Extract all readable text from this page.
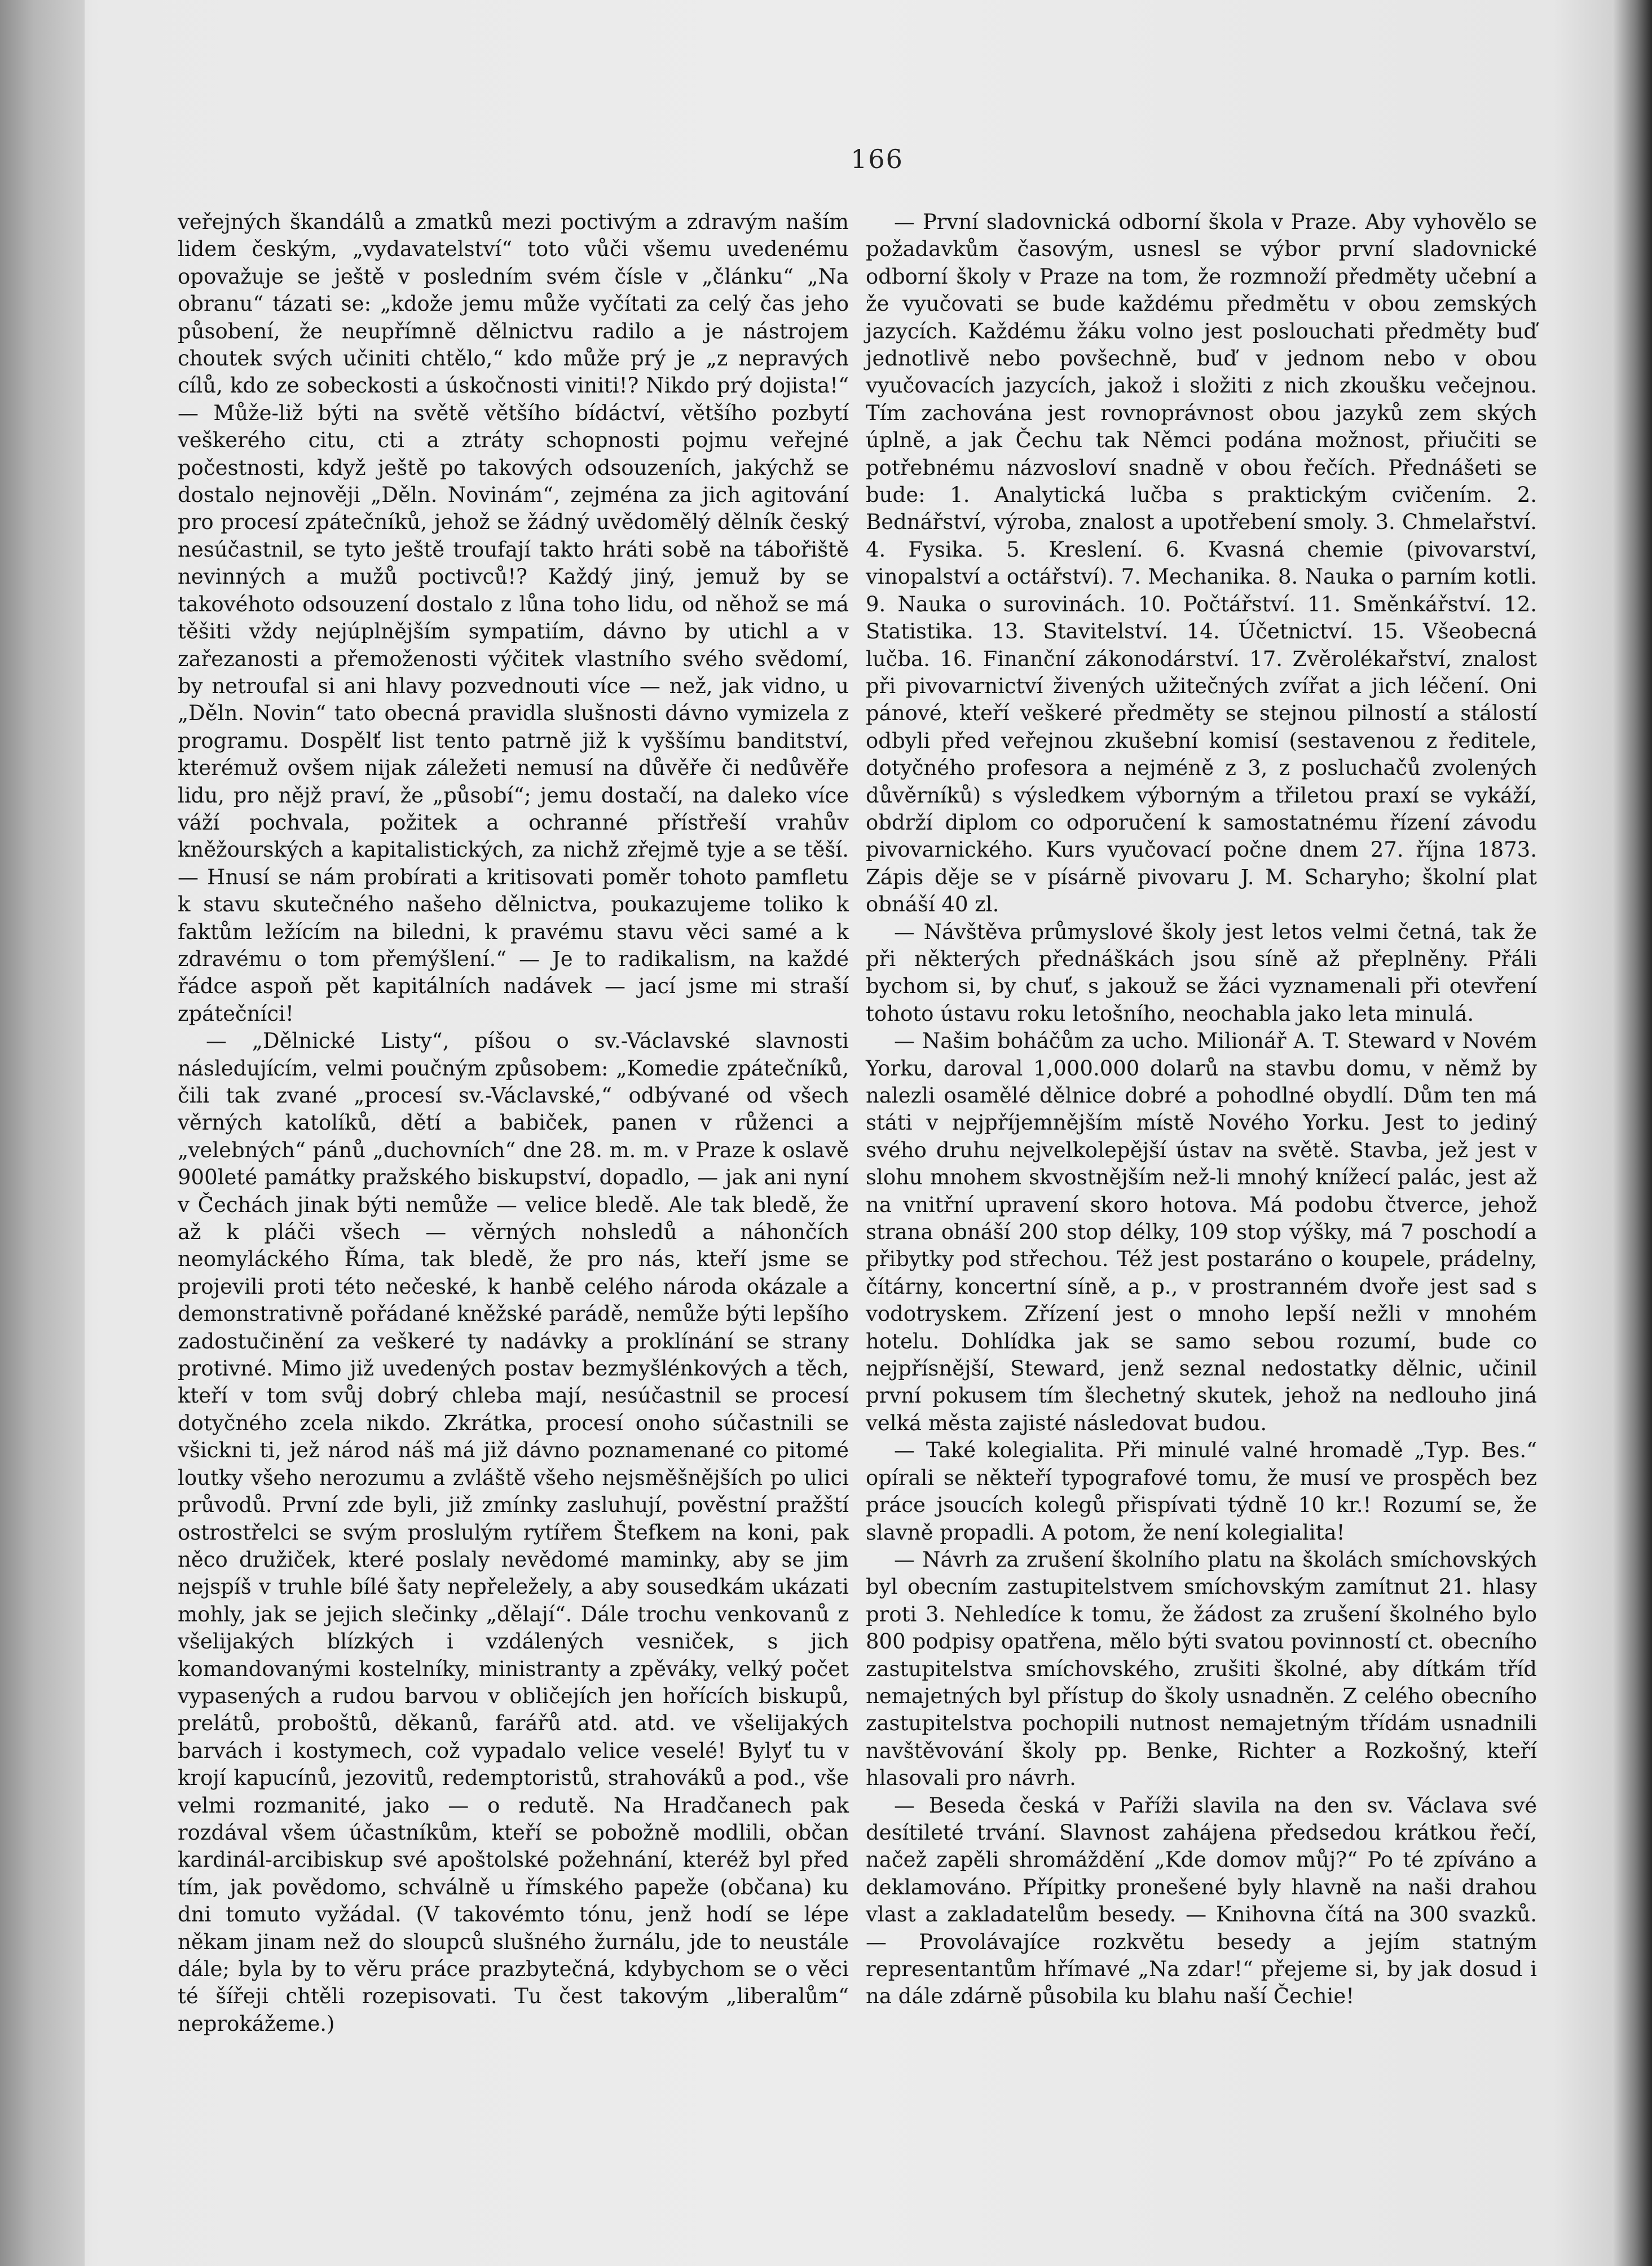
166

veřejných škandálů a zmatků mezi poctivým a zdravým naším lidem českým, „vydavatelství“ toto vůči všemu uvedenému opovažuje se ještě v posledním svém čísle v „článku“ „Na obranu“ tázati se: „kdože jemu může vyčítati za celý čas jeho působení, že neupřímně dělnictvu radilo a je nástrojem choutek svých učiniti chtělo,“ kdo může prý je „z nepravých cílů, kdo ze sobeckosti a úskočnosti viniti!? Nikdo prý dojista!“ — Může-liž býti na světě většího bídáctví, většího pozbytí veškerého citu, cti a ztráty schopnosti pojmu veřejné počestnosti, když ještě po takových odsouzeních, jakýchž se dostalo nejnověji „Děln. Novinám“, zejména za jich agitování pro procesí zpátečníků, jehož se žádný uvědomělý dělník český nesúčastnil, se tyto ještě troufají takto hráti sobě na tábořiště nevinných a mužů poctivců!? Každý jiný, jemuž by se takovéhoto odsouzení dostalo z lůna toho lidu, od něhož se má těšiti vždy nejúplnějším sympatiím, dávno by utichl a v zařezanosti a přemoženosti výčitek vlastního svého svědomí, by netroufal si ani hlavy pozvednouti více — než, jak vidno, u „Děln. Novin“ tato obecná pravidla slušnosti dávno vymizela z programu. Dospělť list tento patrně již k vyššímu banditství, kterémuž ovšem nijak záležeti nemusí na důvěře či nedůvěře lidu, pro nějž praví, že „působí“; jemu dostačí, na daleko více váží pochvala, požitek a ochranné přístřeší vrahův kněžourských a kapitalistických, za nichž zřejmě tyje a se těší. — Hnusí se nám probírati a kritisovati poměr tohoto pamfletu k stavu skutečného našeho dělnictva, poukazujeme toliko k faktům ležícím na biledni, k pravému stavu věci samé a k zdravému o tom přemýšlení.“ — Je to radikalism, na každé řádce aspoň pět kapitálních nadávek — jací jsme mi straší zpátečníci!

— „Dělnické Listy“, píšou o sv.-Václavské slavnosti následujícím, velmi poučným způsobem: „Komedie zpátečníků, čili tak zvané „procesí sv.-Václavské,“ odbývané od všech věrných katolíků, dětí a babiček, panen v růženci a „velebných“ pánů „duchovních“ dne 28. m. m. v Praze k oslavě 900leté památky pražského biskupství, dopadlo, — jak ani nyní v Čechách jinak býti nemůže — velice bledě. Ale tak bledě, že až k pláči všech — věrných nohsledů a náhončích neomyláckého Říma, tak bledě, že pro nás, kteří jsme se projevili proti této nečeské, k hanbě celého národa okázale a demonstrativně pořádané kněžské parádě, nemůže býti lepšího zadostučinění za veškeré ty nadávky a proklínání se strany protivné. Mimo již uvedených postav bezmyšlénkových a těch, kteří v tom svůj dobrý chleba mají, nesúčastnil se procesí dotyčného zcela nikdo. Zkrátka, procesí onoho súčastnili se všickni ti, jež národ náš má již dávno poznamenané co pitomé loutky všeho nerozumu a zvláště všeho nejsměšnějších po ulici průvodů. První zde byli, již zmínky zasluhují, pověstní pražští ostrostřelci se svým proslulým rytířem Štefkem na koni, pak něco družiček, které poslaly nevědomé maminky, aby se jim nejspíš v truhle bílé šaty nepřeležely, a aby sousedkám ukázati mohly, jak se jejich slečinky „dělají“. Dále trochu venkovanů z všelijakých blízkých i vzdálených vesniček, s jich komandovanými kostelníky, ministranty a zpěváky, velký počet vypasených a rudou barvou v obličejích jen hořících biskupů, prelátů, proboštů, děkanů, farářů atd. atd. ve všelijakých barvách i kostymech, což vypadalo velice veselé! Bylyť tu v krojí kapucínů, jezovitů, redemptoristů, strahováků a pod., vše velmi rozmanité, jako — o redutě. Na Hradčanech pak rozdával všem účastníkům, kteří se pobožně modlili, občan kardinál-arcibiskup své apoštolské požehnání, kteréž byl před tím, jak povědomo, schválně u římského papeže (občana) ku dni tomuto vyžádal. (V takovémto tónu, jenž hodí se lépe někam jinam než do sloupců slušného žurnálu, jde to neustále dále; byla by to věru práce prazbytečná, kdybychom se o věci té šířeji chtěli rozepisovati. Tu čest takovým „liberalům“ neprokážeme.)

— První sladovnická odborní škola v Praze. Aby vyhovělo se požadavkům časovým, usnesl se výbor první sladovnické odborní školy v Praze na tom, že rozmnoží předměty učební a že vyučovati se bude každému předmětu v obou zemských jazycích. Každému žáku volno jest poslouchati předměty buď jednotlivě nebo povšechně, buď v jednom nebo v obou vyučovacích jazycích, jakož i složiti z nich zkoušku večejnou. Tím zachována jest rovnoprávnost obou jazyků zem ských úplně, a jak Čechu tak Němci podána možnost, přiučiti se potřebnému názvosloví snadně v obou řečích. Přednášeti se bude: 1. Analytická lučba s praktickým cvičením. 2. Bednářství, výroba, znalost a upotřebení smoly. 3. Chmelařství. 4. Fysika. 5. Kreslení. 6. Kvasná chemie (pivovarství, vinopalství a octářství). 7. Mechanika. 8. Nauka o parním kotli. 9. Nauka o surovinách. 10. Počtářství. 11. Směnkářství. 12. Statistika. 13. Stavitelství. 14. Účetnictví. 15. Všeobecná lučba. 16. Finanční zákonodárství. 17. Zvěrolékařství, znalost při pivovarnictví živených užitečných zvířat a jich léčení. Oni pánové, kteří veškeré předměty se stejnou pilností a stálostí odbyli před veřejnou zkušební komisí (sestavenou z ředitele, dotyčného profesora a nejméně z 3, z posluchačů zvolených důvěrníků) s výsledkem výborným a třiletou praxí se vykáží, obdrží diplom co odporučení k samostatnému řízení závodu pivovarnického. Kurs vyučovací počne dnem 27. října 1873. Zápis děje se v písárně pivovaru J. M. Scharyho; školní plat obnáší 40 zl.

— Návštěva průmyslové školy jest letos velmi četná, tak že při některých přednáškách jsou síně až přeplněny. Přáli bychom si, by chuť, s jakouž se žáci vyznamenali při otevření tohoto ústavu roku letošního, neochabla jako leta minulá.

— Našim boháčům za ucho. Milionář A. T. Steward v Novém Yorku, daroval 1,000.000 dolarů na stavbu domu, v němž by nalezli osamělé dělnice dobré a pohodlné obydlí. Dům ten má státi v nejpříjemnějším místě Nového Yorku. Jest to jediný svého druhu nejvelkolepější ústav na světě. Stavba, jež jest v slohu mnohem skvostnějším než-li mnohý knížecí palác, jest až na vnitřní upravení skoro hotova. Má podobu čtverce, jehož strana obnáší 200 stop délky, 109 stop výšky, má 7 poschodí a přibytky pod střechou. Též jest postaráno o koupele, prádelny, čítárny, koncertní síně, a p., v prostranném dvoře jest sad s vodotryskem. Zřízení jest o mnoho lepší nežli v mnohém hotelu. Dohlídka jak se samo sebou rozumí, bude co nejpřísnější, Steward, jenž seznal nedostatky dělnic, učinil první pokusem tím šlechetný skutek, jehož na nedlouho jiná velká města zajisté následovat budou.

— Také kolegialita. Při minulé valné hromadě „Typ. Bes.“ opírali se někteří typografové tomu, že musí ve prospěch bez práce jsoucích kolegů přispívati týdně 10 kr.! Rozumí se, že slavně propadli. A potom, že není kolegialita!

— Návrh za zrušení školního platu na školách smíchovských byl obecním zastupitelstvem smíchovským zamítnut 21. hlasy proti 3. Nehledíce k tomu, že žádost za zrušení školného bylo 800 podpisy opatřena, mělo býti svatou povinností ct. obecního zastupitelstva smíchovského, zrušiti školné, aby dítkám tříd nemajetných byl přístup do školy usnadněn. Z celého obecního zastupitelstva pochopili nutnost nemajetným třídám usnadnili navštěvování školy pp. Benke, Richter a Rozkošný, kteří hlasovali pro návrh.

— Beseda česká v Paříži slavila na den sv. Václava své desítileté trvání. Slavnost zahájena předsedou krátkou řečí, načež zapěli shromáždění „Kde domov můj?“ Po té zpíváno a deklamováno. Přípitky pronešené byly hlavně na naši drahou vlast a zakladatelům besedy. — Knihovna čítá na 300 svazků. — Provolávajíce rozkvětu besedy a jejím statným representantům hřímavé „Na zdar!“ přejeme si, by jak dosud i na dále zdárně působila ku blahu naší Čechie!
